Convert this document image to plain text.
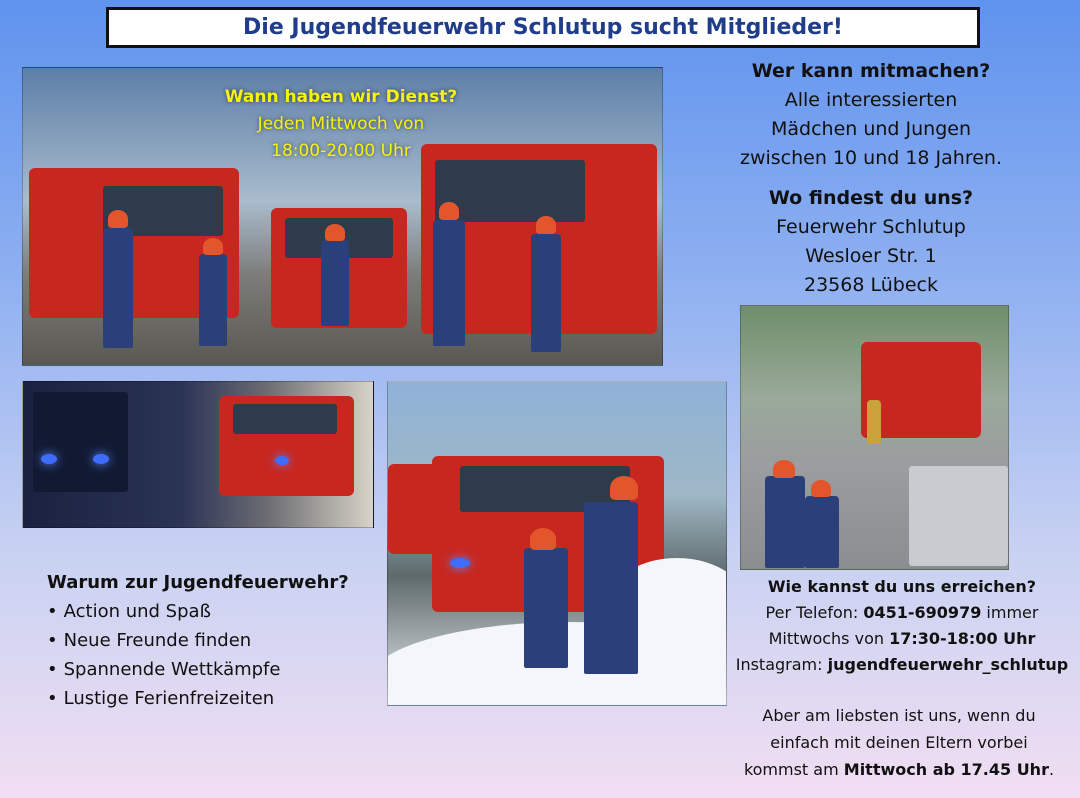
Die Jugendfeuerwehr Schlutup sucht Mitglieder!
Wann haben wir Dienst?
Jeden Mittwoch von
18:00-20:00 Uhr
Wer kann mitmachen?
Alle interessierten
Mädchen und Jungen
zwischen 10 und 18 Jahren.
Wo findest du uns?
Feuerwehr Schlutup
Wesloer Str. 1
23568 Lübeck
Warum zur Jugendfeuerwehr?
• Action und Spaß
• Neue Freunde finden
• Spannende Wettkämpfe
• Lustige Ferienfreizeiten
Wie kannst du uns erreichen?
Per Telefon: 0451-690979 immer
Mittwochs von 17:30-18:00 Uhr
Instagram: jugendfeuerwehr_schlutup
Aber am liebsten ist uns, wenn du
einfach mit deinen Eltern vorbei
kommst am Mittwoch ab 17.45 Uhr.
